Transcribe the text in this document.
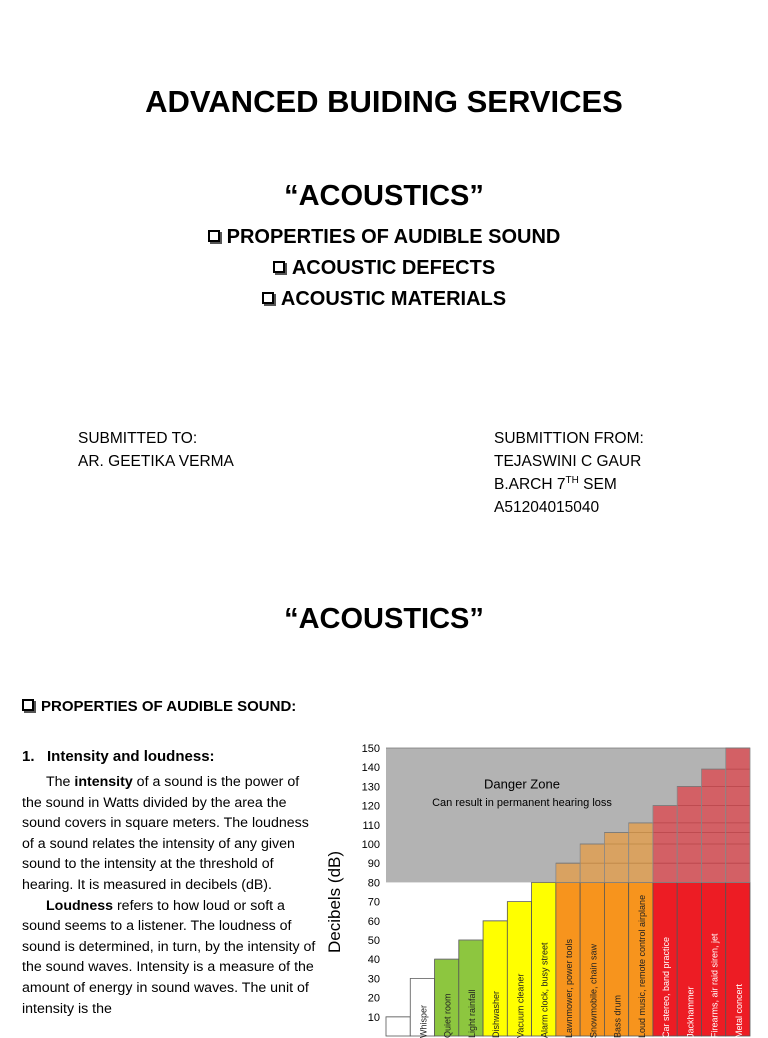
ADVANCED BUIDING SERVICES
“ACOUSTICS”
PROPERTIES OF AUDIBLE SOUND
ACOUSTIC DEFECTS
ACOUSTIC MATERIALS
SUBMITTED TO:
AR. GEETIKA VERMA
SUBMITTION FROM:
TEJASWINI C GAUR
B.ARCH 7TH SEM
A51204015040
“ACOUSTICS”
PROPERTIES OF AUDIBLE SOUND:
1.   Intensity and loudness:

The intensity of a sound is the power of the sound in Watts divided by the area the sound covers in square meters. The loudness of a sound relates the intensity of any given sound to the intensity at the threshold of hearing. It is measured in decibels (dB).

Loudness refers to how loud or soft a sound seems to a listener. The loudness of sound is determined, in turn, by the intensity of the sound waves. Intensity is a measure of the amount of energy in sound waves. The unit of intensity is the

Decibels (dB)
10
20
30
40
50
60
70
80
90
100
110
120
130
140
150
Whisper Quiet room Light rainfall Dishwasher Vacuum cleaner Alarm clock, busy street Lawnmower, power tools Snowmobile, chain saw Bass drum Loud music, remote control airplane Car stereo, band practice Jackhammer Firearms, air raid siren, jet Metal concert
Danger Zone
Can result in permanent hearing loss
